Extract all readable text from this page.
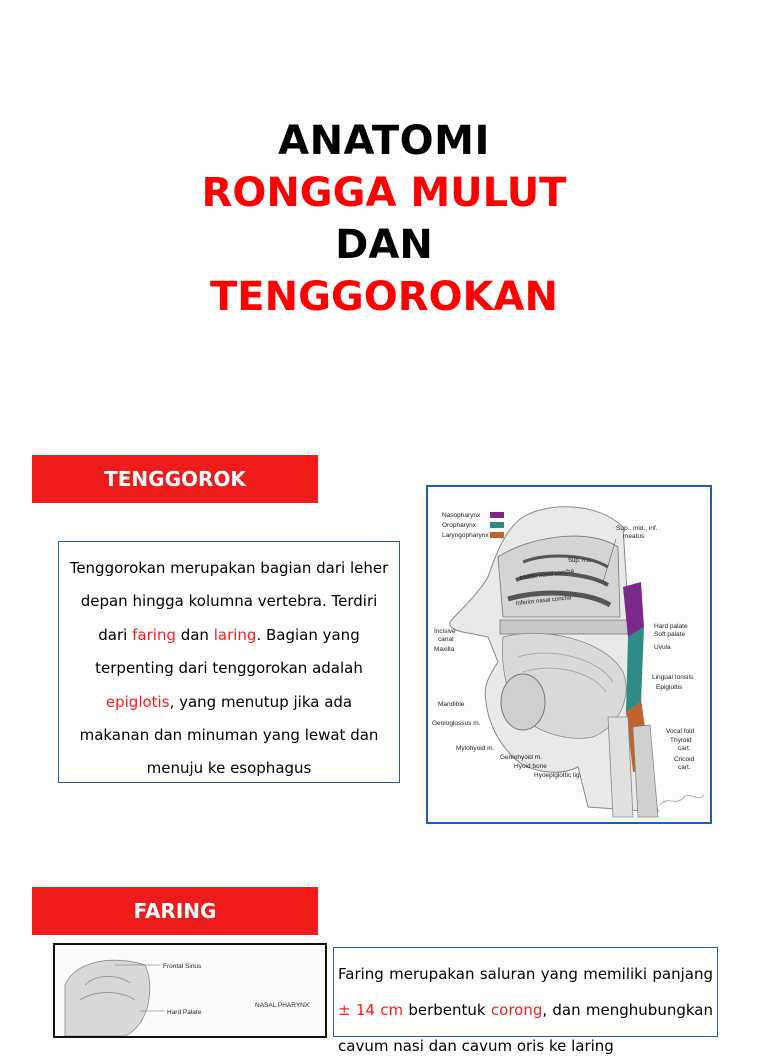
ANATOMI
RONGGA MULUT
DAN
TENGGOROKAN
TENGGOROK
Tenggorokan merupakan bagian dari leher depan hingga kolumna vertebra. Terdiri dari faring dan laring. Bagian yang terpenting dari tenggorokan adalah epiglotis, yang menutup jika ada makanan dan minuman yang lewat dan menuju ke esophagus
Nasopharynx
Oropharynx
Laryngopharynx
Sup., mid., inf.
meatus
Sup. n.c.
Middle nasal concha
Inferior nasal concha
Incisive
canal
Maxilla
Hard palate
Soft palate
Uvula
Lingual tonsils
Epiglottis
Mandible
Genioglossus m.
Mylohyoid m.
Geniohyoid m.
Hyoid bone
Hyoepiglottic lig.
Vocal fold
Thyroid
cart.
Cricoid
cart.
FARING
Frontal Sinus
Hard Palate
NASAL PHARYNX
Faring merupakan saluran yang memiliki panjang ± 14 cm berbentuk corong, dan menghubungkan cavum nasi dan cavum oris ke laring
